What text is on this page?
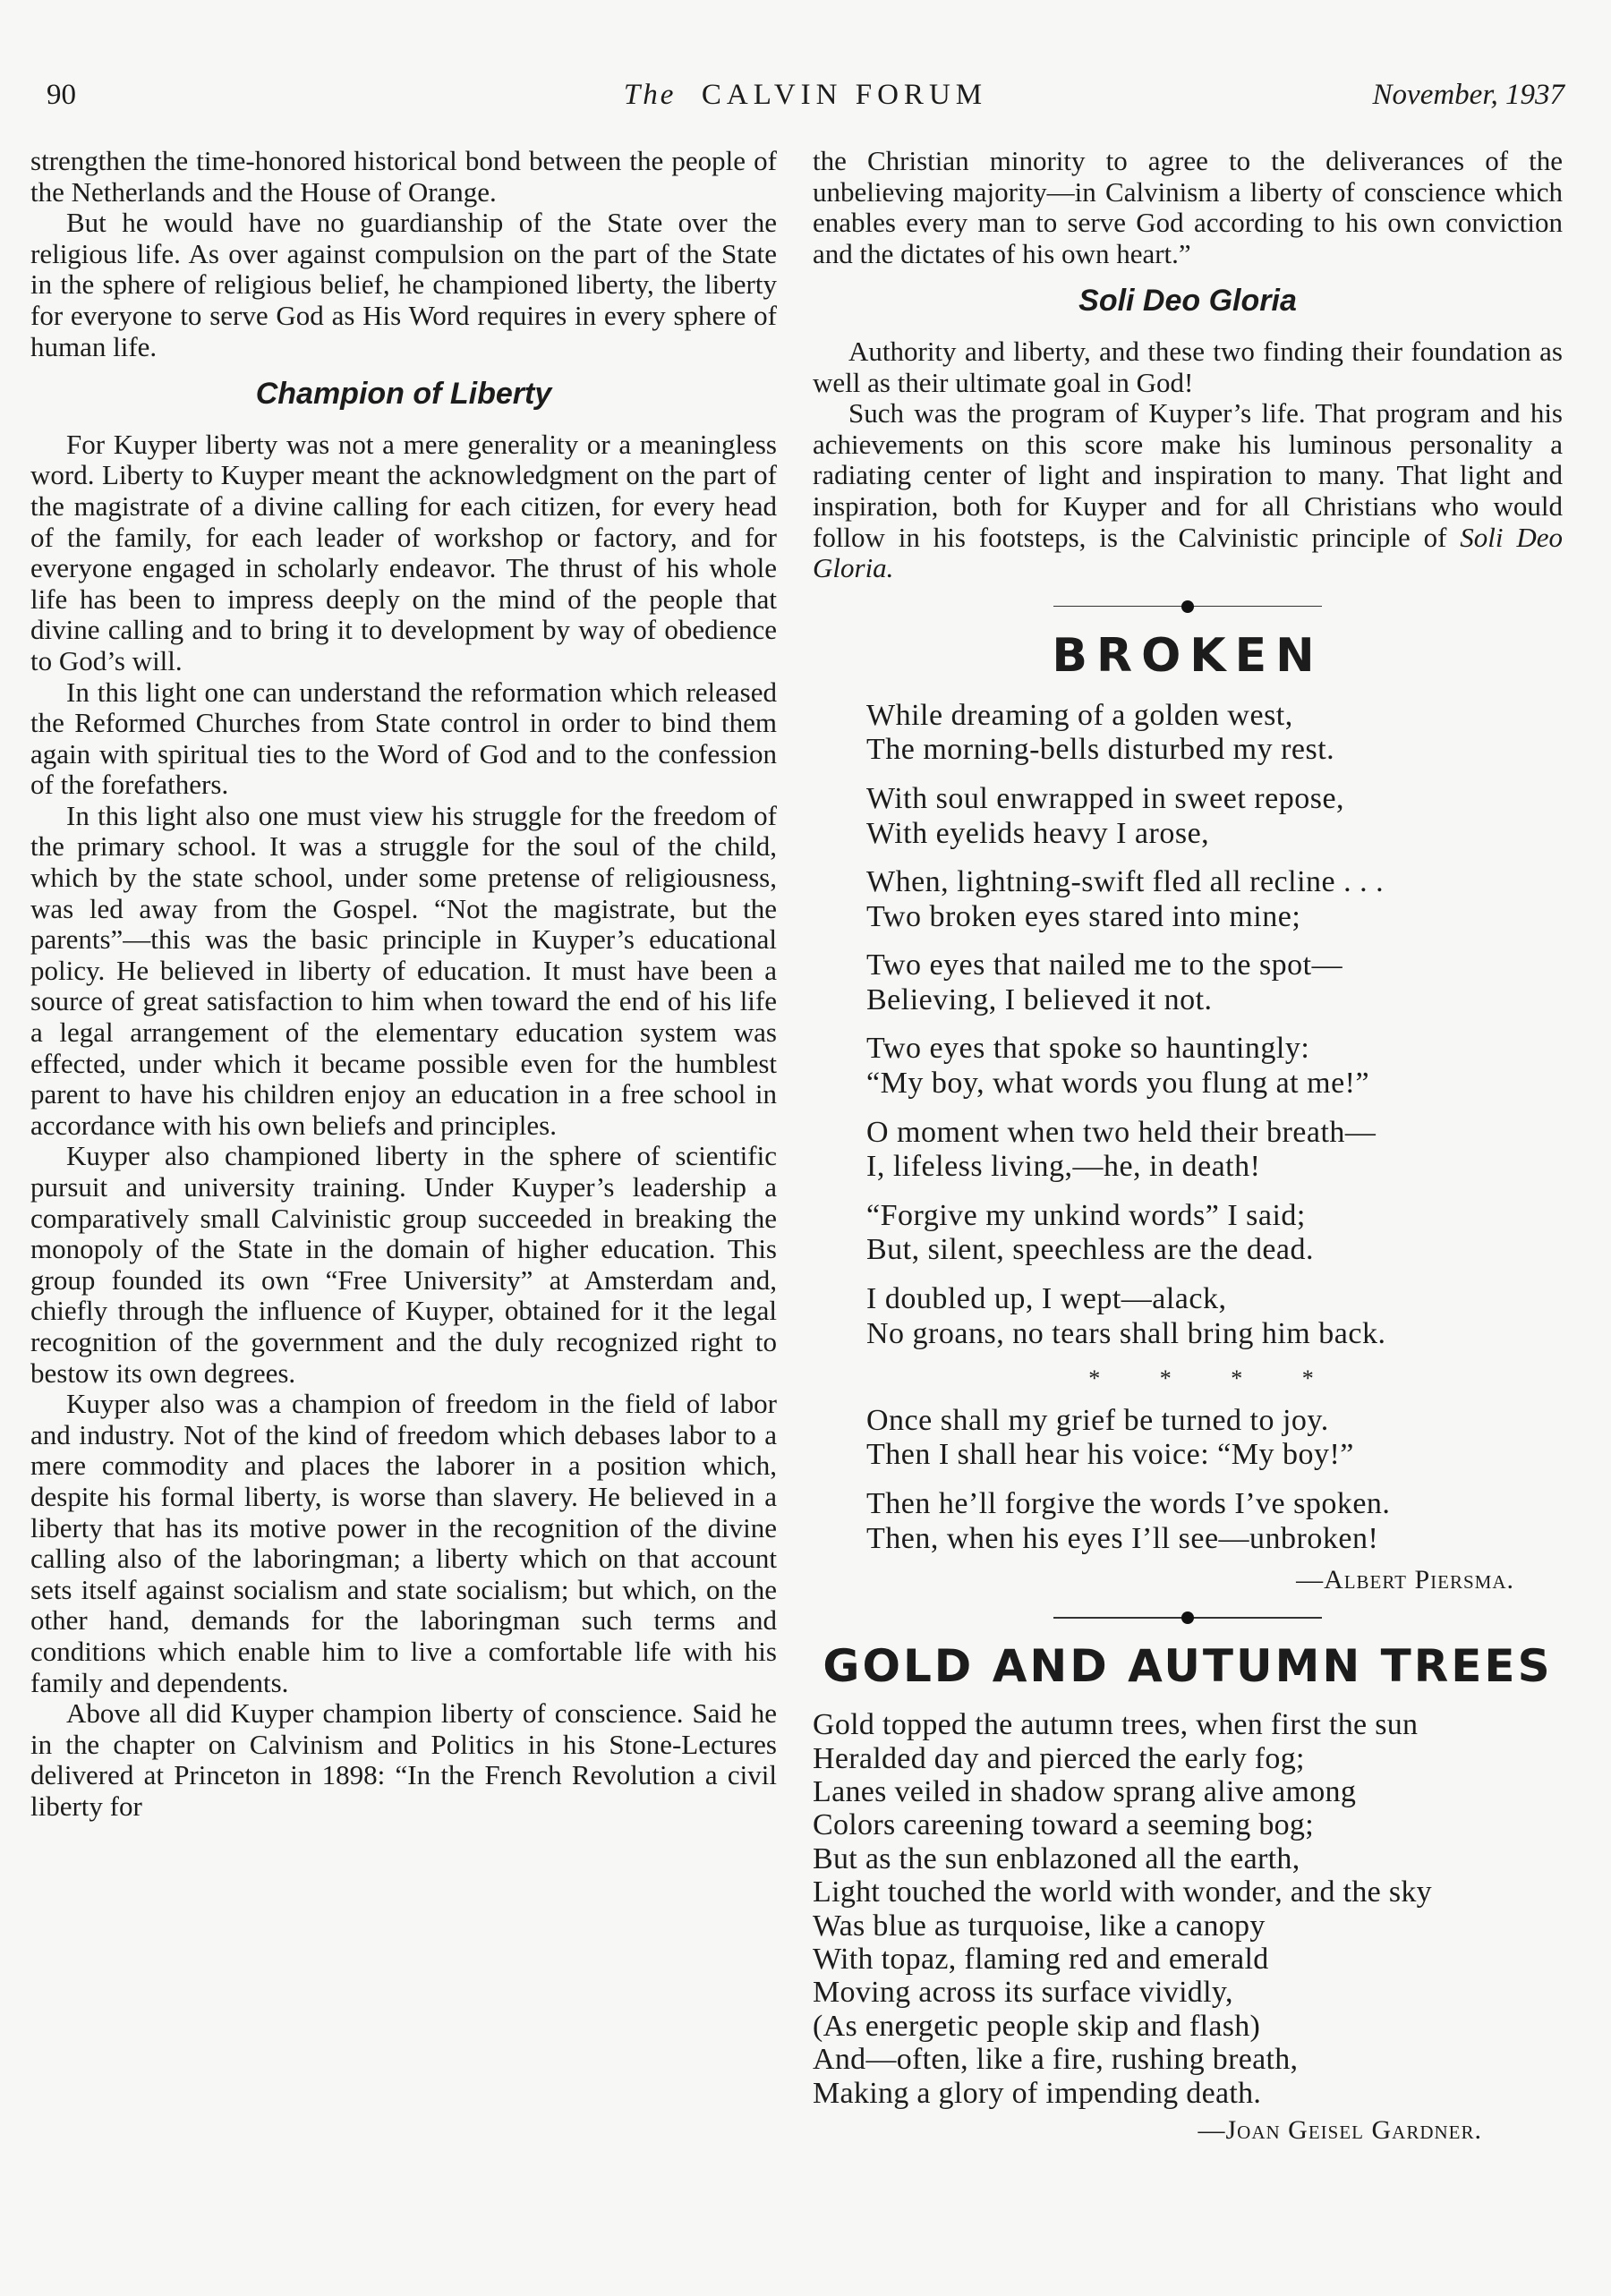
90	The CALVIN FORUM	November, 1937

strengthen the time-honored historical bond between the people of the Netherlands and the House of Orange.

But he would have no guardianship of the State over the religious life. As over against compulsion on the part of the State in the sphere of religious belief, he championed liberty, the liberty for everyone to serve God as His Word requires in every sphere of human life.

Champion of Liberty

For Kuyper liberty was not a mere generality or a meaningless word. Liberty to Kuyper meant the acknowledgment on the part of the magistrate of a divine calling for each citizen, for every head of the family, for each leader of workshop or factory, and for everyone engaged in scholarly endeavor. The thrust of his whole life has been to impress deeply on the mind of the people that divine calling and to bring it to development by way of obedience to God’s will.

In this light one can understand the reformation which released the Reformed Churches from State control in order to bind them again with spiritual ties to the Word of God and to the confession of the forefathers.

In this light also one must view his struggle for the freedom of the primary school. It was a struggle for the soul of the child, which by the state school, under some pretense of religiousness, was led away from the Gospel. “Not the magistrate, but the parents”—this was the basic principle in Kuyper’s educational policy. He believed in liberty of education. It must have been a source of great satisfaction to him when toward the end of his life a legal arrangement of the elementary education system was effected, under which it became possible even for the humblest parent to have his children enjoy an education in a free school in accordance with his own beliefs and principles.

Kuyper also championed liberty in the sphere of scientific pursuit and university training. Under Kuyper’s leadership a comparatively small Calvinistic group succeeded in breaking the monopoly of the State in the domain of higher education. This group founded its own “Free University” at Amsterdam and, chiefly through the influence of Kuyper, obtained for it the legal recognition of the government and the duly recognized right to bestow its own degrees.

Kuyper also was a champion of freedom in the field of labor and industry. Not of the kind of freedom which debases labor to a mere commodity and places the laborer in a position which, despite his formal liberty, is worse than slavery. He believed in a liberty that has its motive power in the recognition of the divine calling also of the laboringman; a liberty which on that account sets itself against socialism and state socialism; but which, on the other hand, demands for the laboringman such terms and conditions which enable him to live a comfortable life with his family and dependents.

Above all did Kuyper champion liberty of conscience. Said he in the chapter on Calvinism and Politics in his Stone-Lectures delivered at Princeton in 1898: “In the French Revolution a civil liberty for

the Christian minority to agree to the deliverances of the unbelieving majority—in Calvinism a liberty of conscience which enables every man to serve God according to his own conviction and the dictates of his own heart.”

Soli Deo Gloria

Authority and liberty, and these two finding their foundation as well as their ultimate goal in God!

Such was the program of Kuyper’s life. That program and his achievements on this score make his luminous personality a radiating center of light and inspiration to many. That light and inspiration, both for Kuyper and for all Christians who would follow in his footsteps, is the Calvinistic principle of Soli Deo Gloria.

BROKEN
While dreaming of a golden west,
The morning-bells disturbed my rest.
With soul enwrapped in sweet repose,
With eyelids heavy I arose,
When, lightning-swift fled all recline . . .
Two broken eyes stared into mine;
Two eyes that nailed me to the spot—
Believing, I believed it not.
Two eyes that spoke so hauntingly:
“My boy, what words you flung at me!”
O moment when two held their breath—
I, lifeless living,—he, in death!
“Forgive my unkind words” I said;
But, silent, speechless are the dead.
I doubled up, I wept—alack,
No groans, no tears shall bring him back.
* * * *
Once shall my grief be turned to joy.
Then I shall hear his voice: “My boy!”
Then he’ll forgive the words I’ve spoken.
Then, when his eyes I’ll see—unbroken!
—Albert Piersma.
GOLD AND AUTUMN TREES
Gold topped the autumn trees, when first the sun
Heralded day and pierced the early fog;
Lanes veiled in shadow sprang alive among
Colors careening toward a seeming bog;
But as the sun enblazoned all the earth,
Light touched the world with wonder, and the sky
Was blue as turquoise, like a canopy
With topaz, flaming red and emerald
Moving across its surface vividly,
(As energetic people skip and flash)
And—often, like a fire, rushing breath,
Making a glory of impending death.
—Joan Geisel Gardner.
